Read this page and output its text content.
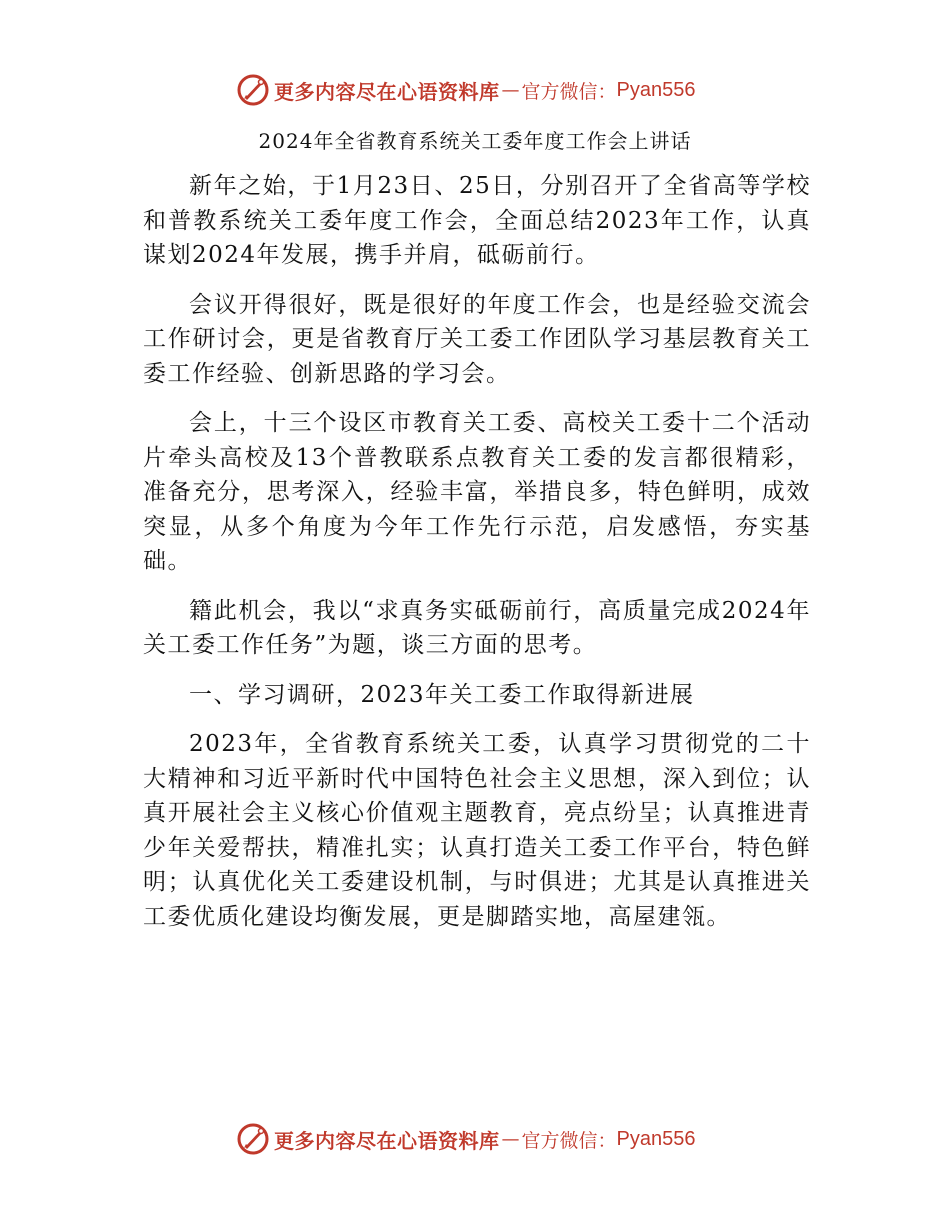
更多内容尽在心语资料库 — 官方微信： Pyan556
2024年全省教育系统关工委年度工作会上讲话

新年之始，于1月23日、25日，分别召开了全省高等学校和普教系统关工委年度工作会，全面总结2023年工作，认真谋划2024年发展，携手并肩，砥砺前行。

会议开得很好，既是很好的年度工作会，也是经验交流会工作研讨会，更是省教育厅关工委工作团队学习基层教育关工委工作经验、创新思路的学习会。

会上，十三个设区市教育关工委、高校关工委十二个活动片牵头高校及13个普教联系点教育关工委的发言都很精彩，准备充分，思考深入，经验丰富，举措良多，特色鲜明，成效突显，从多个角度为今年工作先行示范，启发感悟，夯实基础。

籍此机会，我以“求真务实砥砺前行，高质量完成2024年关工委工作任务”为题，谈三方面的思考。

一、学习调研，2023年关工委工作取得新进展

2023年，全省教育系统关工委，认真学习贯彻党的二十大精神和习近平新时代中国特色社会主义思想，深入到位；认真开展社会主义核心价值观主题教育，亮点纷呈；认真推进青少年关爱帮扶，精准扎实；认真打造关工委工作平台，特色鲜明；认真优化关工委建设机制，与时俱进；尤其是认真推进关工委优质化建设均衡发展，更是脚踏实地，高屋建瓴。

更多内容尽在心语资料库 — 官方微信： Pyan556
